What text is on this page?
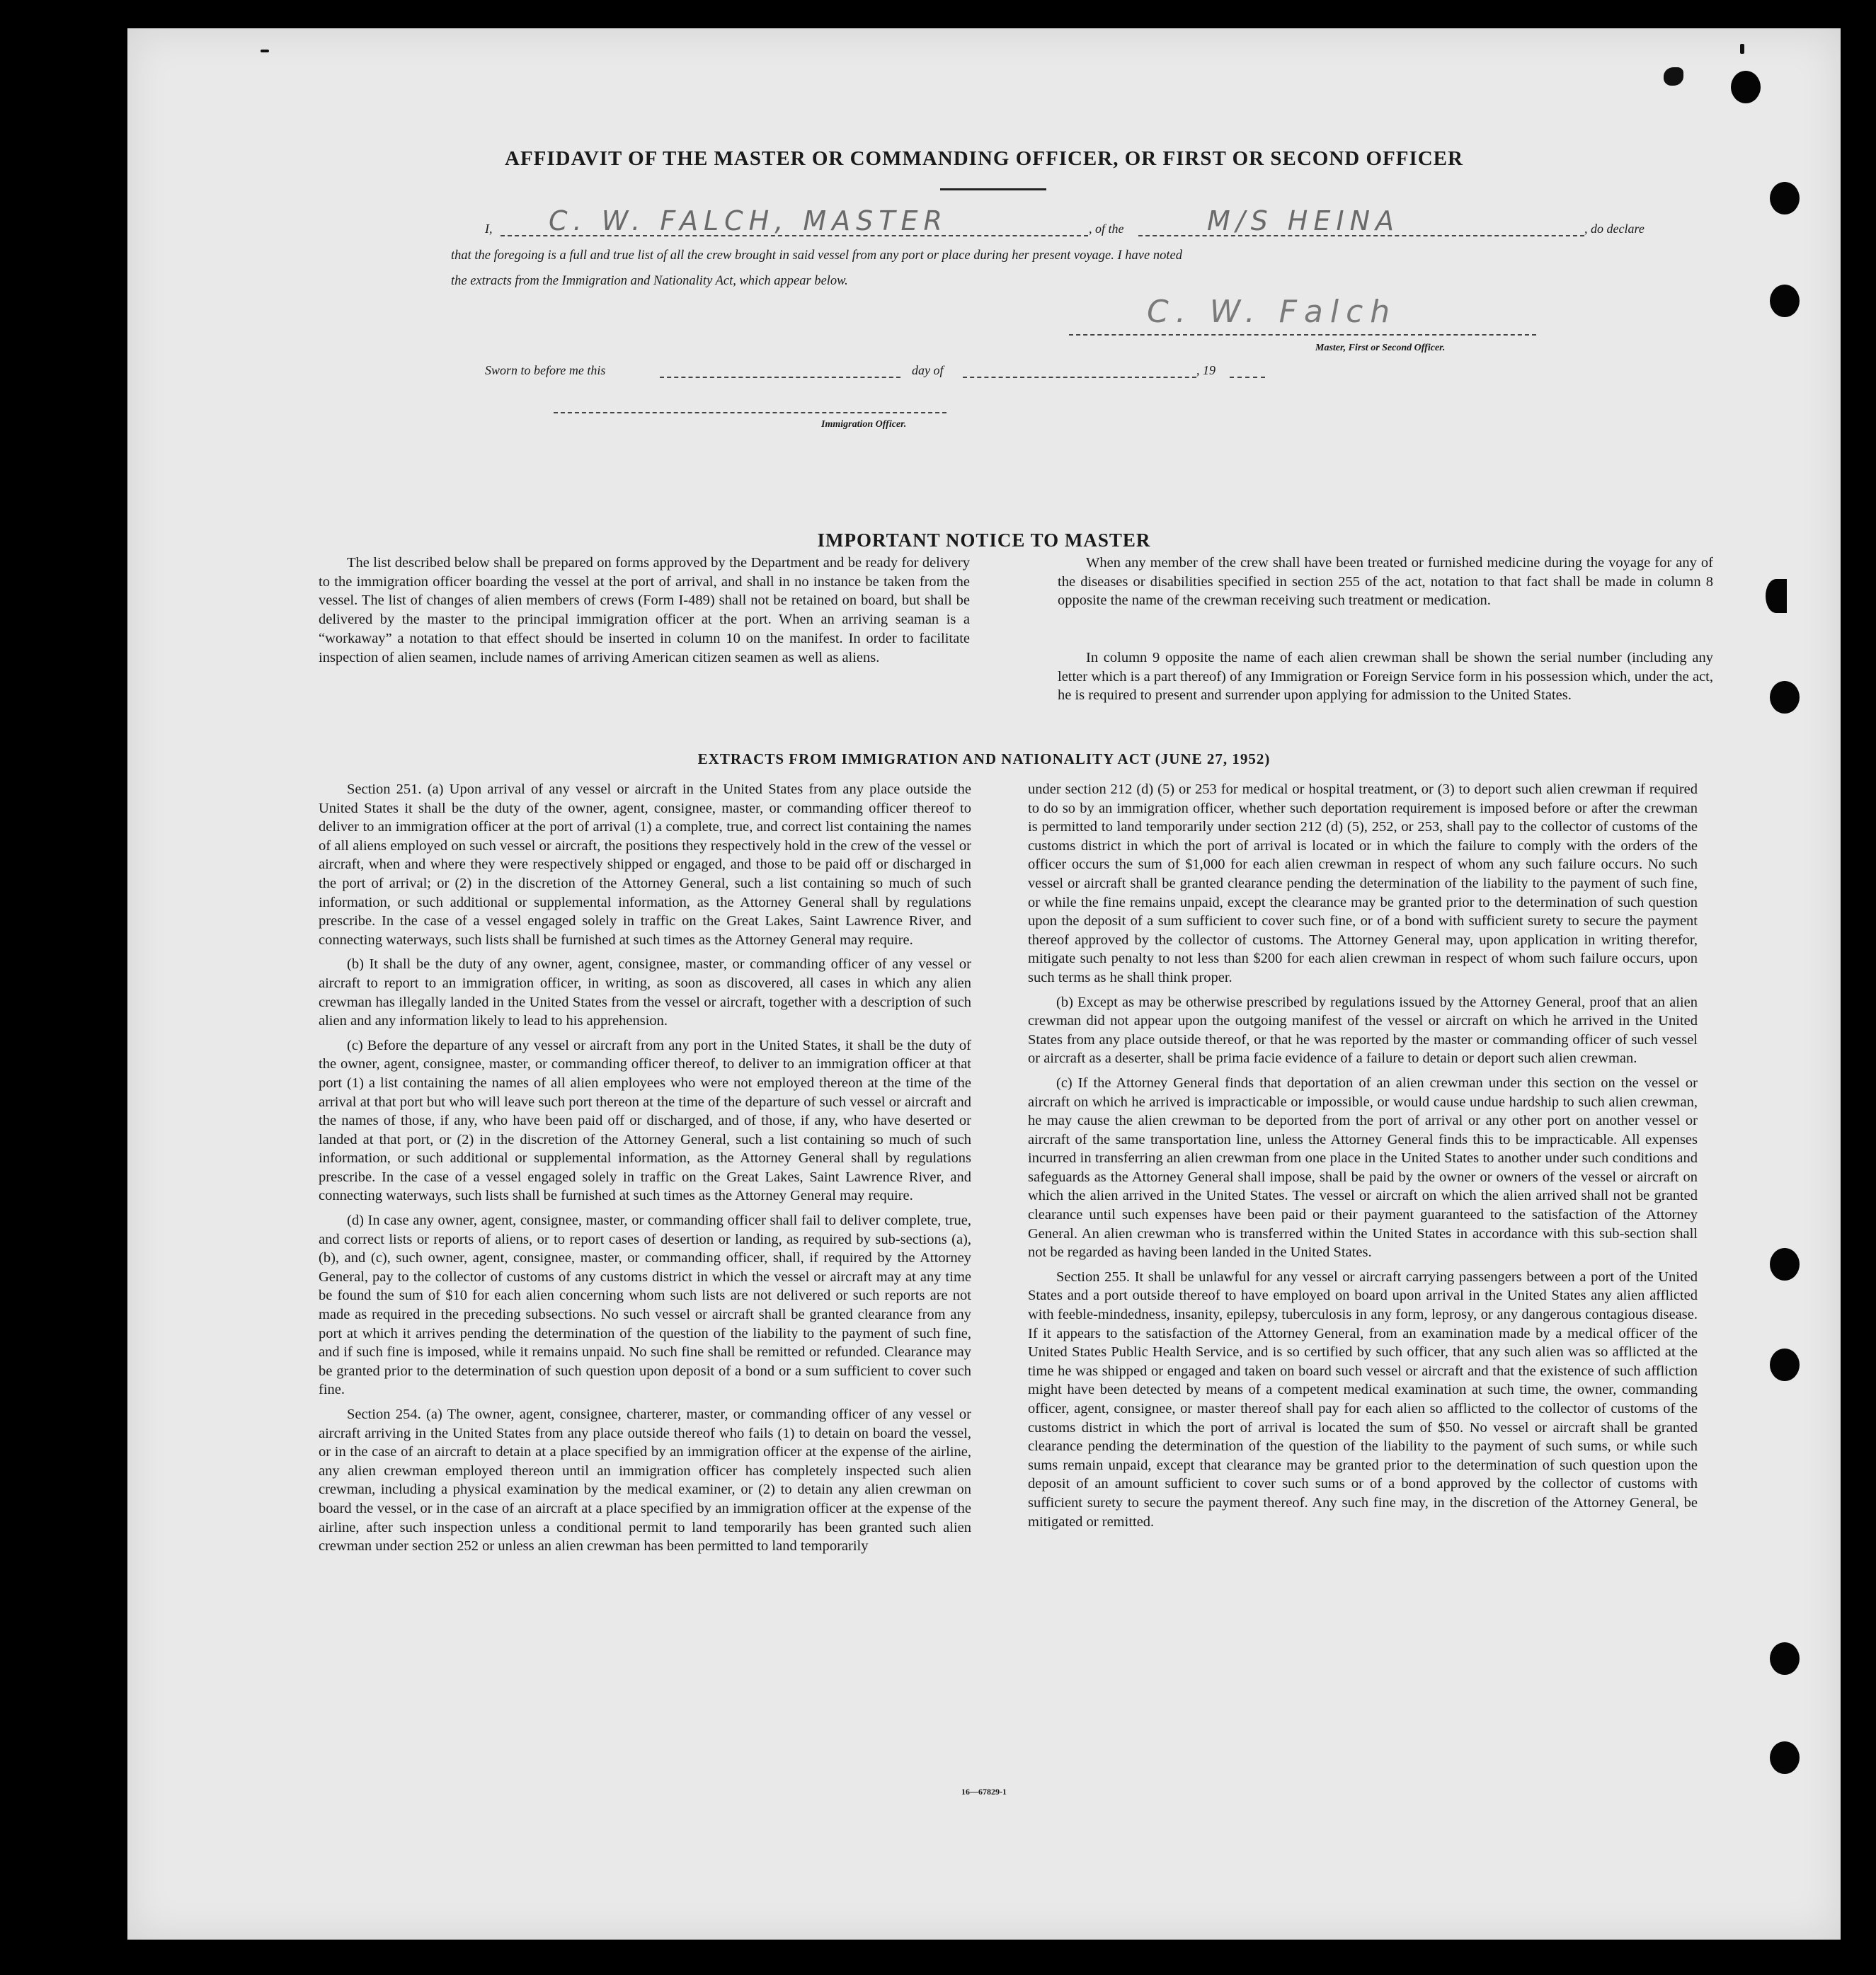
AFFIDAVIT OF THE MASTER OR COMMANDING OFFICER, OR FIRST OR SECOND OFFICER
I, C. W. FALCH, MASTER	, of the	M/S HEINA	, do declare
that the foregoing is a full and true list of all the crew brought in said vessel from any port or place during her present voyage. I have noted
the extracts from the Immigration and Nationality Act, which appear below.
C. W. Falch
Master, First or Second Officer.
Sworn to before me this	day of	, 19
Immigration Officer.
IMPORTANT NOTICE TO MASTER
The list described below shall be prepared on forms approved by the Department and be ready for delivery to the immigration officer boarding the vessel at the port of arrival, and shall in no instance be taken from the vessel. The list of changes of alien members of crews (Form I-489) shall not be retained on board, but shall be delivered by the master to the principal immigration officer at the port. When an arriving seaman is a “workaway” a notation to that effect should be inserted in column 10 on the manifest. In order to facilitate inspection of alien seamen, include names of arriving American citizen seamen as well as aliens.
When any member of the crew shall have been treated or furnished medicine during the voyage for any of the diseases or disabilities specified in section 255 of the act, notation to that fact shall be made in column 8 opposite the name of the crewman receiving such treatment or medication.
In column 9 opposite the name of each alien crewman shall be shown the serial number (including any letter which is a part thereof) of any Immigration or Foreign Service form in his possession which, under the act, he is required to present and surrender upon applying for admission to the United States.
EXTRACTS FROM IMMIGRATION AND NATIONALITY ACT (JUNE 27, 1952)

Section 251. (a) Upon arrival of any vessel or aircraft in the United States from any place outside the United States it shall be the duty of the owner, agent, consignee, master, or commanding officer thereof to deliver to an immigration officer at the port of arrival (1) a complete, true, and correct list containing the names of all aliens employed on such vessel or aircraft, the positions they respectively hold in the crew of the vessel or aircraft, when and where they were respectively shipped or engaged, and those to be paid off or discharged in the port of arrival; or (2) in the discretion of the Attorney General, such a list containing so much of such information, or such additional or supplemental information, as the Attorney General shall by regulations prescribe. In the case of a vessel engaged solely in traffic on the Great Lakes, Saint Lawrence River, and connecting waterways, such lists shall be furnished at such times as the Attorney General may require.

(b) It shall be the duty of any owner, agent, consignee, master, or commanding officer of any vessel or aircraft to report to an immigration officer, in writing, as soon as discovered, all cases in which any alien crewman has illegally landed in the United States from the vessel or aircraft, together with a description of such alien and any information likely to lead to his apprehension.

(c) Before the departure of any vessel or aircraft from any port in the United States, it shall be the duty of the owner, agent, consignee, master, or commanding officer thereof, to deliver to an immigration officer at that port (1) a list containing the names of all alien employees who were not employed thereon at the time of the arrival at that port but who will leave such port thereon at the time of the departure of such vessel or aircraft and the names of those, if any, who have been paid off or discharged, and of those, if any, who have deserted or landed at that port, or (2) in the discretion of the Attorney General, such a list containing so much of such information, or such additional or supplemental information, as the Attorney General shall by regulations prescribe. In the case of a vessel engaged solely in traffic on the Great Lakes, Saint Lawrence River, and connecting waterways, such lists shall be furnished at such times as the Attorney General may require.

(d) In case any owner, agent, consignee, master, or commanding officer shall fail to deliver complete, true, and correct lists or reports of aliens, or to report cases of desertion or landing, as required by sub-sections (a), (b), and (c), such owner, agent, consignee, master, or commanding officer, shall, if required by the Attorney General, pay to the collector of customs of any customs district in which the vessel or aircraft may at any time be found the sum of $10 for each alien concerning whom such lists are not delivered or such reports are not made as required in the preceding subsections. No such vessel or aircraft shall be granted clearance from any port at which it arrives pending the determination of the question of the liability to the payment of such fine, and if such fine is imposed, while it remains unpaid. No such fine shall be remitted or refunded. Clearance may be granted prior to the determination of such question upon deposit of a bond or a sum sufficient to cover such fine.

Section 254. (a) The owner, agent, consignee, charterer, master, or commanding officer of any vessel or aircraft arriving in the United States from any place outside thereof who fails (1) to detain on board the vessel, or in the case of an aircraft to detain at a place specified by an immigration officer at the expense of the airline, any alien crewman employed thereon until an immigration officer has completely inspected such alien crewman, including a physical examination by the medical examiner, or (2) to detain any alien crewman on board the vessel, or in the case of an aircraft at a place specified by an immigration officer at the expense of the airline, after such inspection unless a conditional permit to land temporarily has been granted such alien crewman under section 252 or unless an alien crewman has been permitted to land temporarily

under section 212 (d) (5) or 253 for medical or hospital treatment, or (3) to deport such alien crewman if required to do so by an immigration officer, whether such deportation requirement is imposed before or after the crewman is permitted to land temporarily under section 212 (d) (5), 252, or 253, shall pay to the collector of customs of the customs district in which the port of arrival is located or in which the failure to comply with the orders of the officer occurs the sum of $1,000 for each alien crewman in respect of whom any such failure occurs. No such vessel or aircraft shall be granted clearance pending the determination of the liability to the payment of such fine, or while the fine remains unpaid, except the clearance may be granted prior to the determination of such question upon the deposit of a sum sufficient to cover such fine, or of a bond with sufficient surety to secure the payment thereof approved by the collector of customs. The Attorney General may, upon application in writing therefor, mitigate such penalty to not less than $200 for each alien crewman in respect of whom such failure occurs, upon such terms as he shall think proper.

(b) Except as may be otherwise prescribed by regulations issued by the Attorney General, proof that an alien crewman did not appear upon the outgoing manifest of the vessel or aircraft on which he arrived in the United States from any place outside thereof, or that he was reported by the master or commanding officer of such vessel or aircraft as a deserter, shall be prima facie evidence of a failure to detain or deport such alien crewman.

(c) If the Attorney General finds that deportation of an alien crewman under this section on the vessel or aircraft on which he arrived is impracticable or impossible, or would cause undue hardship to such alien crewman, he may cause the alien crewman to be deported from the port of arrival or any other port on another vessel or aircraft of the same transportation line, unless the Attorney General finds this to be impracticable. All expenses incurred in transferring an alien crewman from one place in the United States to another under such conditions and safeguards as the Attorney General shall impose, shall be paid by the owner or owners of the vessel or aircraft on which the alien arrived in the United States. The vessel or aircraft on which the alien arrived shall not be granted clearance until such expenses have been paid or their payment guaranteed to the satisfaction of the Attorney General. An alien crewman who is transferred within the United States in accordance with this sub-section shall not be regarded as having been landed in the United States.

Section 255. It shall be unlawful for any vessel or aircraft carrying passengers between a port of the United States and a port outside thereof to have employed on board upon arrival in the United States any alien afflicted with feeble-mindedness, insanity, epilepsy, tuberculosis in any form, leprosy, or any dangerous contagious disease. If it appears to the satisfaction of the Attorney General, from an examination made by a medical officer of the United States Public Health Service, and is so certified by such officer, that any such alien was so afflicted at the time he was shipped or engaged and taken on board such vessel or aircraft and that the existence of such affliction might have been detected by means of a competent medical examination at such time, the owner, commanding officer, agent, consignee, or master thereof shall pay for each alien so afflicted to the collector of customs of the customs district in which the port of arrival is located the sum of $50. No vessel or aircraft shall be granted clearance pending the determination of the question of the liability to the payment of such sums, or while such sums remain unpaid, except that clearance may be granted prior to the determination of such question upon the deposit of an amount sufficient to cover such sums or of a bond approved by the collector of customs with sufficient surety to secure the payment thereof. Any such fine may, in the discretion of the Attorney General, be mitigated or remitted.

16—67829-1
